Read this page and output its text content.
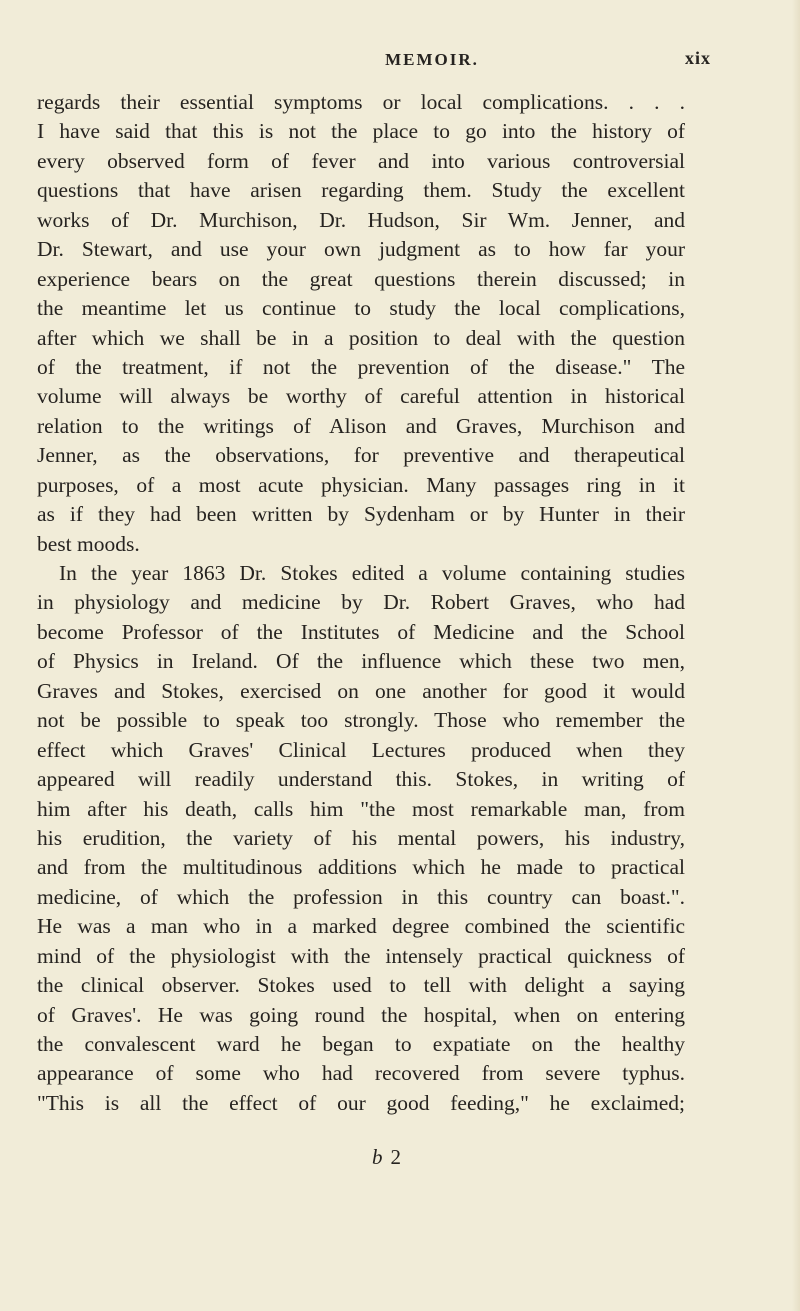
MEMOIR.	xix
regards their essential symptoms or local complications. . . .
I have said that this is not the place to go into the history of
every observed form of fever and into various controversial
questions that have arisen regarding them. Study the excellent
works of Dr. Murchison, Dr. Hudson, Sir Wm. Jenner, and
Dr. Stewart, and use your own judgment as to how far your
experience bears on the great questions therein discussed; in
the meantime let us continue to study the local complications,
after which we shall be in a position to deal with the question
of the treatment, if not the prevention of the disease." The
volume will always be worthy of careful attention in historical
relation to the writings of Alison and Graves, Murchison and
Jenner, as the observations, for preventive and therapeutical
purposes, of a most acute physician. Many passages ring in it
as if they had been written by Sydenham or by Hunter in their
best moods.
In the year 1863 Dr. Stokes edited a volume containing studies
in physiology and medicine by Dr. Robert Graves, who had
become Professor of the Institutes of Medicine and the School
of Physics in Ireland. Of the influence which these two men,
Graves and Stokes, exercised on one another for good it would
not be possible to speak too strongly. Those who remember the
effect which Graves' Clinical Lectures produced when they
appeared will readily understand this. Stokes, in writing of
him after his death, calls him "the most remarkable man, from
his erudition, the variety of his mental powers, his industry,
and from the multitudinous additions which he made to practical
medicine, of which the profession in this country can boast.".
He was a man who in a marked degree combined the scientific
mind of the physiologist with the intensely practical quickness of
the clinical observer. Stokes used to tell with delight a saying
of Graves'. He was going round the hospital, when on entering
the convalescent ward he began to expatiate on the healthy
appearance of some who had recovered from severe typhus.
"This is all the effect of our good feeding," he exclaimed;
b 2
